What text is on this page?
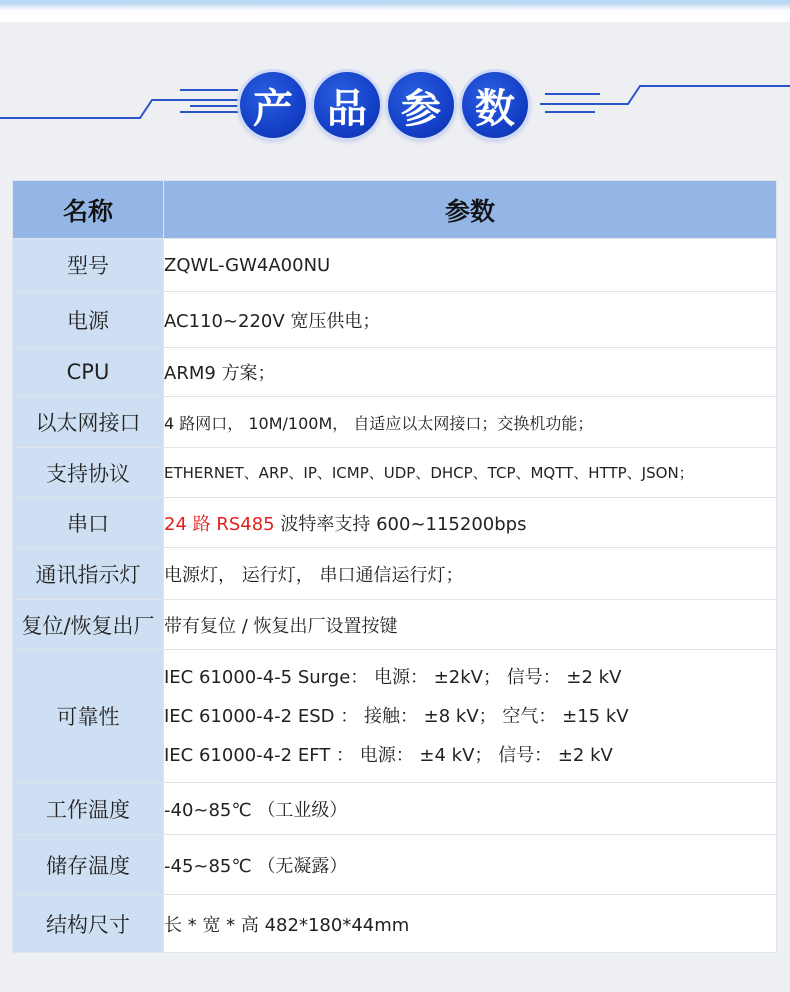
产 品 参 数
名称	参数
型号	ZQWL-GW4A00NU
电源	AC110~220V 宽压供电；
CPU	ARM9 方案；
以太网接口	4 路网口， 10M/100M， 自适应以太网接口；交换机功能；
支持协议	ETHERNET、ARP、IP、ICMP、UDP、DHCP、TCP、MQTT、HTTP、JSON；
串口	24 路 RS485 波特率支持 600~115200bps
通讯指示灯	电源灯， 运行灯， 串口通信运行灯；
复位/恢复出厂	带有复位 / 恢复出厂设置按键
可靠性	IEC 61000-4-5 Surge： 电源： ±2kV； 信号： ±2 kV
IEC 61000-4-2 ESD ： 接触： ±8 kV； 空气： ±15 kV
IEC 61000-4-2 EFT ： 电源： ±4 kV； 信号： ±2 kV

工作温度	-40~85℃ （工业级）
储存温度	-45~85℃ （无凝露）
结构尺寸	长 * 宽 * 高 482*180*44mm
